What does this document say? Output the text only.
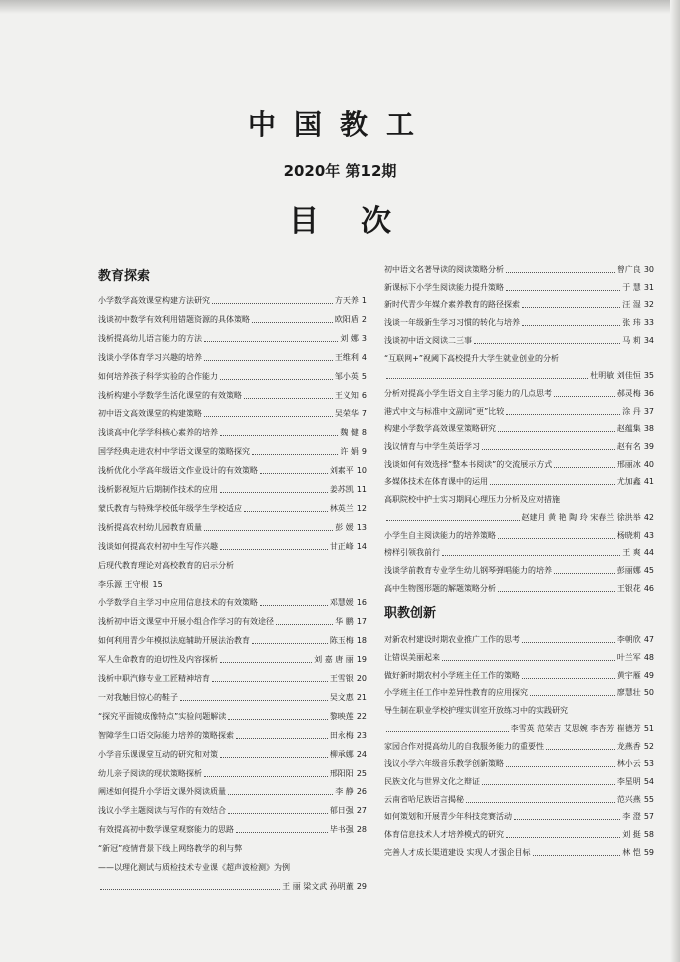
中国教工
2020年 第12期
目次
教育探索
小学数学高效课堂构建方法研究	方天养 1
浅谈初中数学有效利用错题资源的具体策略	欧阳盾 2
浅析提高幼儿语言能力的方法	刘 娜 3
浅谈小学体育学习兴趣的培养	王维利 4
如何培养孩子科学实验的合作能力	邹小英 5
浅析构建小学数学生活化课堂的有效策略	王义知 6
初中语文高效课堂的构建策略	吴荣华 7
浅谈高中化学学科核心素养的培养	魏 健 8
国学经典走进农村中学语文课堂的策略探究	许 娟 9
浅析优化小学高年级语文作业设计的有效策略	刘素平 10
浅析影视短片后期制作技术的应用	姜苏凯 11
蒙氏教育与特殊学校低年级学生学校适应	林英兰 12
浅析提高农村幼儿园教育质量	彭 媛 13
浅谈如何提高农村初中生写作兴趣	甘正峰 14
后现代教育理论对高校教育的启示分析
李乐源 王守根 15
小学数学自主学习中应用信息技术的有效策略	邓慧媛 16
浅析初中语文课堂中开展小组合作学习的有效途径	华 鹏 17
如何利用青少年模拟法庭辅助开展法治教育	陈玉梅 18
军人生命教育的迫切性及内容探析	刘 嘉 唐 丽 19
浅析中职汽修专业工匠精神培育	王雪银 20
一对我触目惊心的鞋子	吴文惠 21
“探究平面镜成像特点”实验问题解读	黎映莲 22
智障学生口语交际能力培养的策略探索	田永梅 23
小学音乐课课堂互动的研究和对策	柳承娜 24
幼儿亲子阅读的现状策略探析	邢阳阳 25
阐述如何提升小学语文课外阅读质量	李 静 26
浅议小学主题阅读与写作的有效结合	郁日强 27
有效提高初中数学课堂观察能力的思路	毕书强 28
“新冠”疫情背景下线上网络教学的利与弊
——以理化测试与质检技术专业课《超声波检测》为例
王 丽 梁文武 孙明董 29
初中语文名著导读的阅读策略分析	曾广良 30
新课标下小学生阅读能力提升策略	于 慧 31
新时代青少年媒介素养教育的路径探索	汪 湿 32
浅谈一年级新生学习习惯的转化与培养	张 玮 33
浅谈初中语文阅读二三事	马 莉 34
“互联网+”视阈下高校提升大学生就业创业的分析
杜明敏 刘佳恒 35
分析对提高小学生语文自主学习能力的几点思考	郝灵梅 36
港式中文与标准中文副词“更”比较	涂 丹 37
构建小学数学高效课堂策略研究	赵蕴集 38
浅议情育与中学生英语学习	赵有名 39
浅谈如何有效选择“整本书阅读”的交流展示方式	邢丽冰 40
多媒体技术在体育课中的运用	尤加鑫 41
高职院校中护士实习期间心理压力分析及应对措施
赵建月 黄 艳 陶 玲 宋春兰 徐洪举 42
小学生自主阅读能力的培养策略	杨晓莉 43
榜样引领我前行	王 爽 44
浅谈学前教育专业学生幼儿钢琴弹唱能力的培养	彭丽娜 45
高中生物图形题的解题策略分析	王银花 46
职教创新
对新农村建设时期农业推广工作的思考	李朝欣 47
让错误美丽起来	叶兰军 48
做好新时期农村小学班主任工作的策略	黄宇雁 49
小学班主任工作中差异性教育的应用探究	廖慧壮 50
导生制在职业学校护理实训室开放练习中的实践研究
李雪英 范荣吉 艾思婉 李杏芳 崔德芳 51
家园合作对提高幼儿的自我服务能力的重要性	龙燕香 52
浅议小学六年级音乐教学创新策略	林小云 53
民族文化与世界文化之辩证	李星明 54
云南省哈尼族语言揭秘	范兴燕 55
如何策划和开展青少年科技竞赛活动	李 澄 57
体育信息技术人才培养模式的研究	刘 挺 58
完善人才成长渠道建设 实现人才强企目标	林 恺 59
